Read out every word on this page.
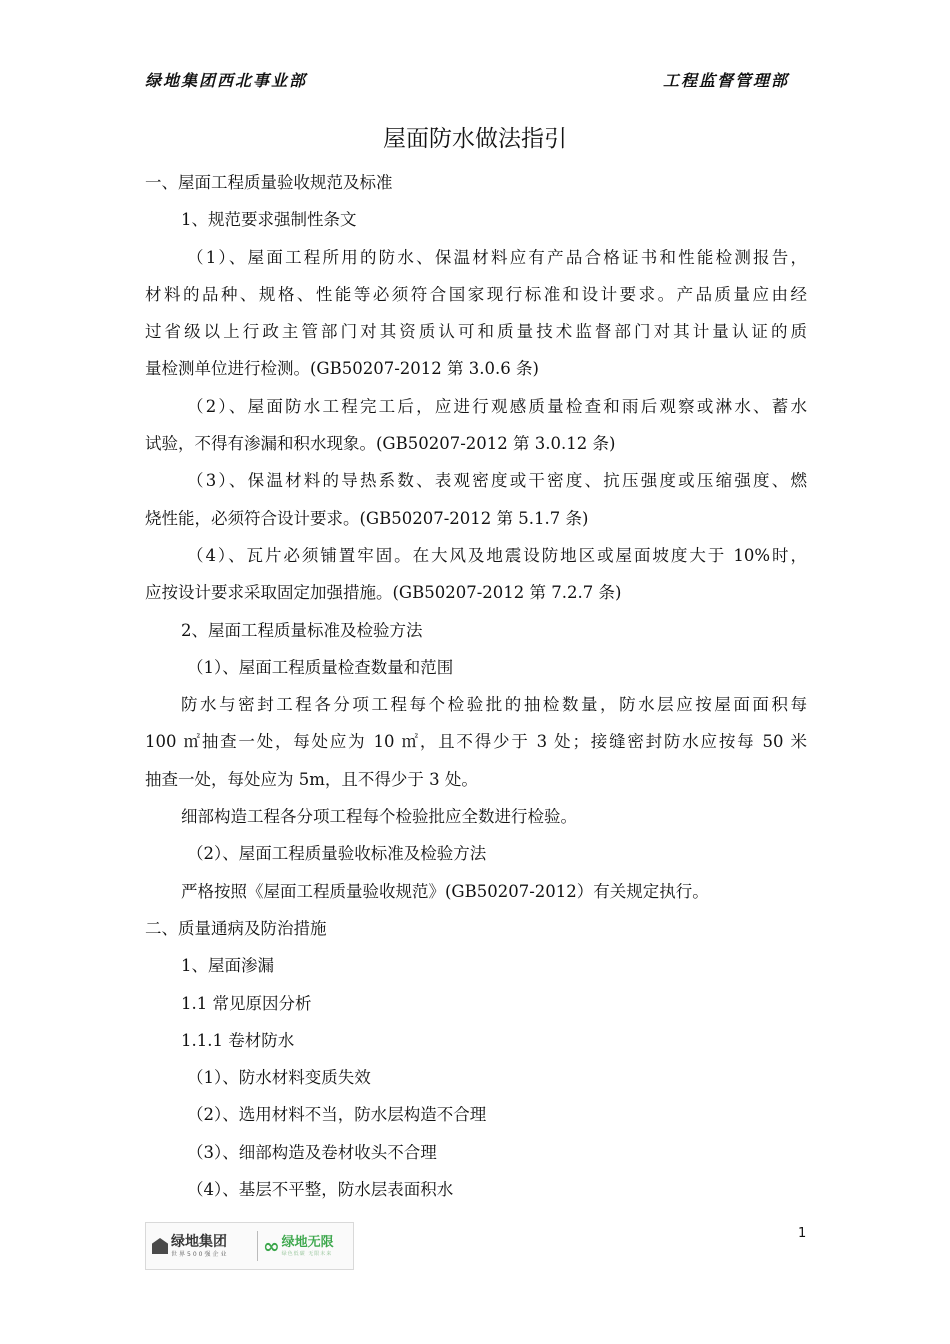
绿地集团西北事业部	工程监督管理部
屋面防水做法指引
一、屋面工程质量验收规范及标准
1、规范要求强制性条文
（1）、屋面工程所用的防水、保温材料应有产品合格证书和性能检测报告，
材料的品种、规格、性能等必须符合国家现行标准和设计要求。产品质量应由经
过省级以上行政主管部门对其资质认可和质量技术监督部门对其计量认证的质
量检测单位进行检测。(GB50207-2012 第 3.0.6 条)
（2）、屋面防水工程完工后，应进行观感质量检查和雨后观察或淋水、蓄水
试验，不得有渗漏和积水现象。(GB50207-2012 第 3.0.12 条)
（3）、保温材料的导热系数、表观密度或干密度、抗压强度或压缩强度、燃
烧性能，必须符合设计要求。(GB50207-2012 第 5.1.7 条)
（4）、瓦片必须铺置牢固。在大风及地震设防地区或屋面坡度大于 10%时，
应按设计要求采取固定加强措施。(GB50207-2012 第 7.2.7 条)
2、屋面工程质量标准及检验方法
（1）、屋面工程质量检查数量和范围
防水与密封工程各分项工程每个检验批的抽检数量，防水层应按屋面面积每
100 ㎡抽查一处，每处应为 10 ㎡，且不得少于 3 处；接缝密封防水应按每 50 米
抽查一处，每处应为 5m，且不得少于 3 处。
细部构造工程各分项工程每个检验批应全数进行检验。
（2）、屋面工程质量验收标准及检验方法
严格按照《屋面工程质量验收规范》(GB50207-2012）有关规定执行。
二、质量通病及防治措施
1、屋面渗漏
1.1 常见原因分析
1.1.1 卷材防水
（1）、防水材料变质失效
（2）、选用材料不当，防水层构造不合理
（3）、细部构造及卷材收头不合理
（4）、基层不平整，防水层表面积水
绿地集团
世界500强企业 ∞ 绿地无限
绿色低碳 无限未来
1
